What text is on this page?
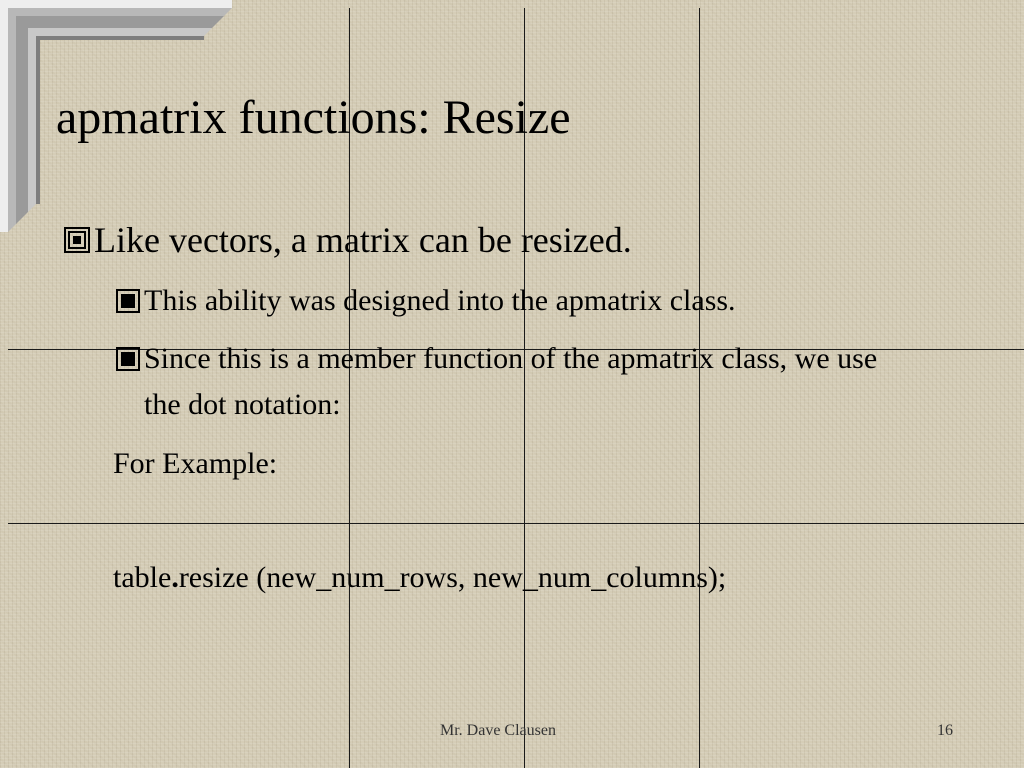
apmatrix functions: Resize
Like vectors, a matrix can be resized.
This ability was designed into the apmatrix class.
Since this is a member function of the apmatrix class, we use the dot notation:
For Example:
table.resize (new_num_rows, new_num_columns);
Mr. Dave Clausen	16
